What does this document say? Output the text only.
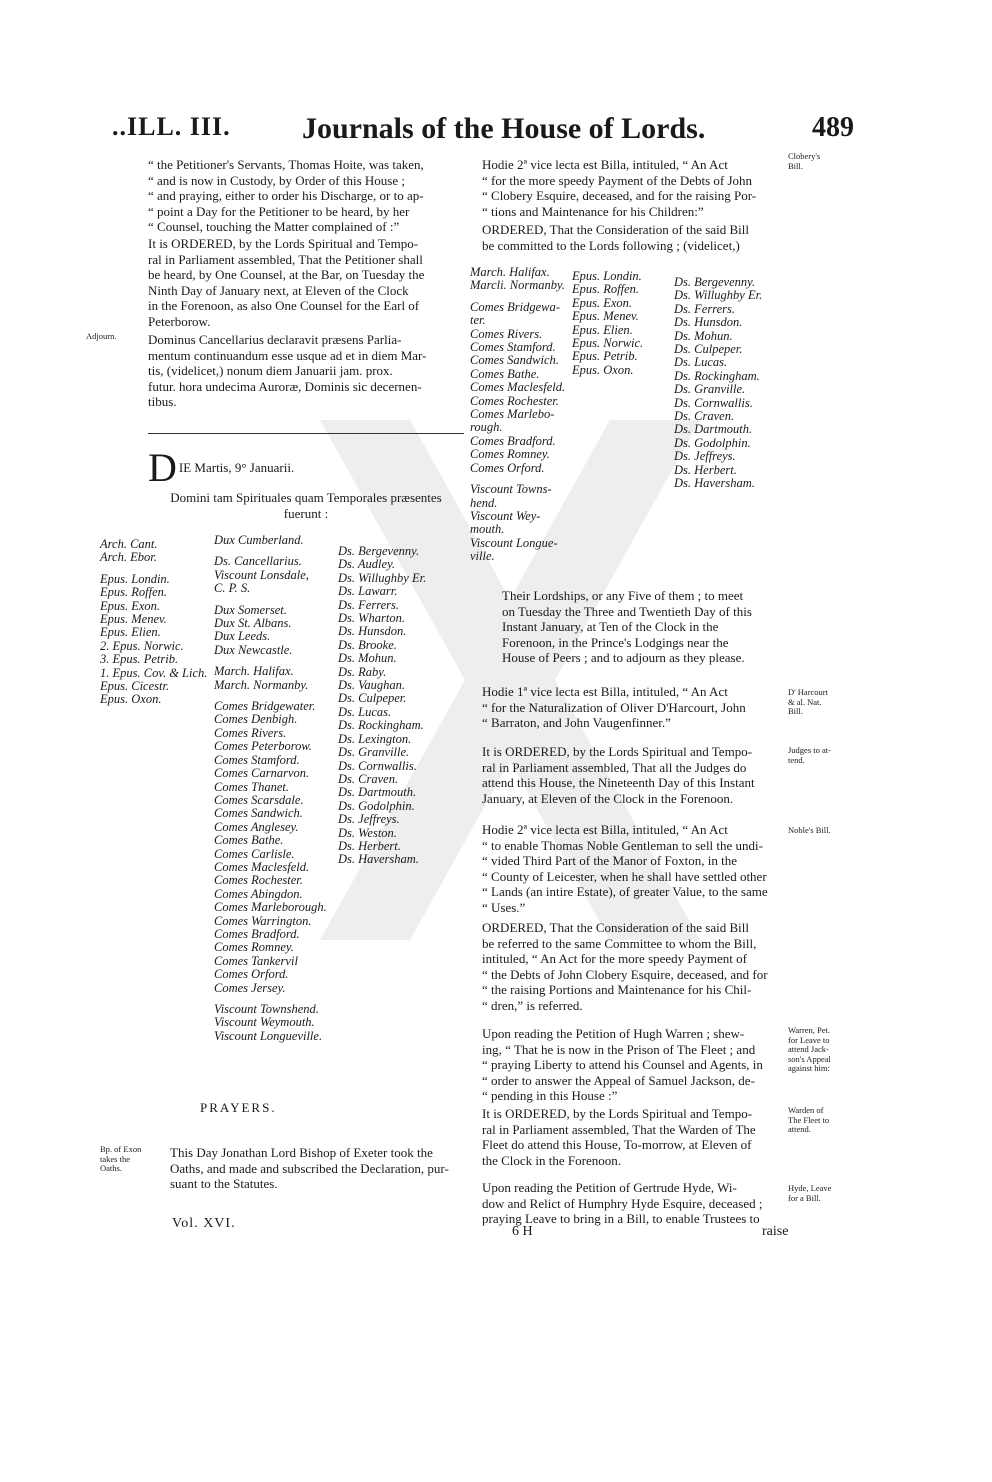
..ILL. III. Journals of the House of Lords.	489
“ the Petitioner's Servants, Thomas Hoite, was taken,
“ and is now in Custody, by Order of this House ;
“ and praying, either to order his Discharge, or to ap-
“ point a Day for the Petitioner to be heard, by her
“ Counsel, touching the Matter complained of :”
It is ORDERED, by the Lords Spiritual and Tempo-
ral in Parliament assembled, That the Petitioner shall
be heard, by One Counsel, at the Bar, on Tuesday the
Ninth Day of January next, at Eleven of the Clock
in the Forenoon, as also One Counsel for the Earl of
Peterborow.
Adjourn.	Dominus Cancellarius declaravit præsens Parlia-
mentum continuandum esse usque ad et in diem Mar-
tis, (videlicet,) nonum diem Januarii jam. prox.
futur. hora undecima Auroræ, Dominis sic decernen-
tibus.
D IE Martis, 9° Januarii.
Domini tam Spirituales quam Temporales præsentes
fuerunt :
Arch. Cant.
Arch. Ebor.
Epus. Londin.
Epus. Roffen.
Epus. Exon.
Epus. Menev.
Epus. Elien.
2. Epus. Norwic.
3. Epus. Petrib.
1. Epus. Cov. & Lich.
Epus. Cicestr.
Epus. Oxon.
Dux Cumberland.
Ds. Cancellarius.
Viscount Lonsdale,
C. P. S.
Dux Somerset.
Dux St. Albans.
Dux Leeds.
Dux Newcastle.
March. Halifax.
March. Normanby.
Comes Bridgewater.
Comes Denbigh.
Comes Rivers.
Comes Peterborow.
Comes Stamford.
Comes Carnarvon.
Comes Thanet.
Comes Scarsdale.
Comes Sandwich.
Comes Anglesey.
Comes Bathe.
Comes Carlisle.
Comes Maclesfeld.
Comes Rochester.
Comes Abingdon.
Comes Marleborough.
Comes Warrington.
Comes Bradford.
Comes Romney.
Comes Tankervil
Comes Orford.
Comes Jersey.
Viscount Townshend.
Viscount Weymouth.
Viscount Longueville.
Ds. Bergevenny.
Ds. Audley.
Ds. Willughby Er.
Ds. Lawarr.
Ds. Ferrers.
Ds. Wharton.
Ds. Hunsdon.
Ds. Brooke.
Ds. Mohun.
Ds. Raby.
Ds. Vaughan.
Ds. Culpeper.
Ds. Lucas.
Ds. Rockingham.
Ds. Lexington.
Ds. Granville.
Ds. Cornwallis.
Ds. Craven.
Ds. Dartmouth.
Ds. Godolphin.
Ds. Jeffreys.
Ds. Weston.
Ds. Herbert.
Ds. Haversham.
PRAYERS.
Bp. of Exon
takes the
Oaths.
This Day Jonathan Lord Bishop of Exeter took the
Oaths, and made and subscribed the Declaration, pur-
suant to the Statutes.
Vol. XVI.
Hodie 2ª vice lecta est Billa, intituled, “ An Act
“ for the more speedy Payment of the Debts of John
“ Clobery Esquire, deceased, and for the raising Por-
“ tions and Maintenance for his Children:”
Clobery's
Bill.
ORDERED, That the Consideration of the said Bill
be committed to the Lords following ; (videlicet,)
March. Halifax.
Marcli. Normanby.
Comes Bridgewa-
ter.
Comes Rivers.
Comes Stamford.
Comes Sandwich.
Comes Bathe.
Comes Maclesfeld.
Comes Rochester.
Comes Marlebo-
rough.
Comes Bradford.
Comes Romney.
Comes Orford.
Viscount Towns-
hend.
Viscount Wey-
mouth.
Viscount Longue-
ville.
Epus. Londin.
Epus. Roffen.
Epus. Exon.
Epus. Menev.
Epus. Elien.
Epus. Norwic.
Epus. Petrib.
Epus. Oxon.
Ds. Bergevenny.
Ds. Willughby Er.
Ds. Ferrers.
Ds. Hunsdon.
Ds. Mohun.
Ds. Culpeper.
Ds. Lucas.
Ds. Rockingham.
Ds. Granville.
Ds. Cornwallis.
Ds. Craven.
Ds. Dartmouth.
Ds. Godolphin.
Ds. Jeffreys.
Ds. Herbert.
Ds. Haversham.
Their Lordships, or any Five of them ; to meet
on Tuesday the Three and Twentieth Day of this
Instant January, at Ten of the Clock in the
Forenoon, in the Prince's Lodgings near the
House of Peers ; and to adjourn as they please.
Hodie 1ª vice lecta est Billa, intituled, “ An Act
“ for the Naturalization of Oliver D'Harcourt, John
“ Barraton, and John Vaugenfinner.”
D' Harcourt
& al. Nat.
Bill.
It is ORDERED, by the Lords Spiritual and Tempo-
ral in Parliament assembled, That all the Judges do
attend this House, the Nineteenth Day of this Instant
January, at Eleven of the Clock in the Forenoon.
Judges to at-
tend.
Hodie 2ª vice lecta est Billa, intituled, “ An Act
“ to enable Thomas Noble Gentleman to sell the undi-
“ vided Third Part of the Manor of Foxton, in the
“ County of Leicester, when he shall have settled other
“ Lands (an intire Estate), of greater Value, to the same
“ Uses.”
Noble's Bill.
ORDERED, That the Consideration of the said Bill
be referred to the same Committee to whom the Bill,
intituled, “ An Act for the more speedy Payment of
“ the Debts of John Clobery Esquire, deceased, and for
“ the raising Portions and Maintenance for his Chil-
“ dren,” is referred.
Upon reading the Petition of Hugh Warren ; shew-
ing, “ That he is now in the Prison of The Fleet ; and
“ praying Liberty to attend his Counsel and Agents, in
“ order to answer the Appeal of Samuel Jackson, de-
“ pending in this House :”
Warren, Pet.
for Leave to
attend Jack-
son's Appeal
against him:
It is ORDERED, by the Lords Spiritual and Tempo-
ral in Parliament assembled, That the Warden of The
Fleet do attend this House, To-morrow, at Eleven of
the Clock in the Forenoon.
Warden of
The Fleet to
attend.
Upon reading the Petition of Gertrude Hyde, Wi-
dow and Relict of Humphry Hyde Esquire, deceased ;
praying Leave to bring in a Bill, to enable Trustees to
Hyde, Leave
for a Bill.
6 H	raise
